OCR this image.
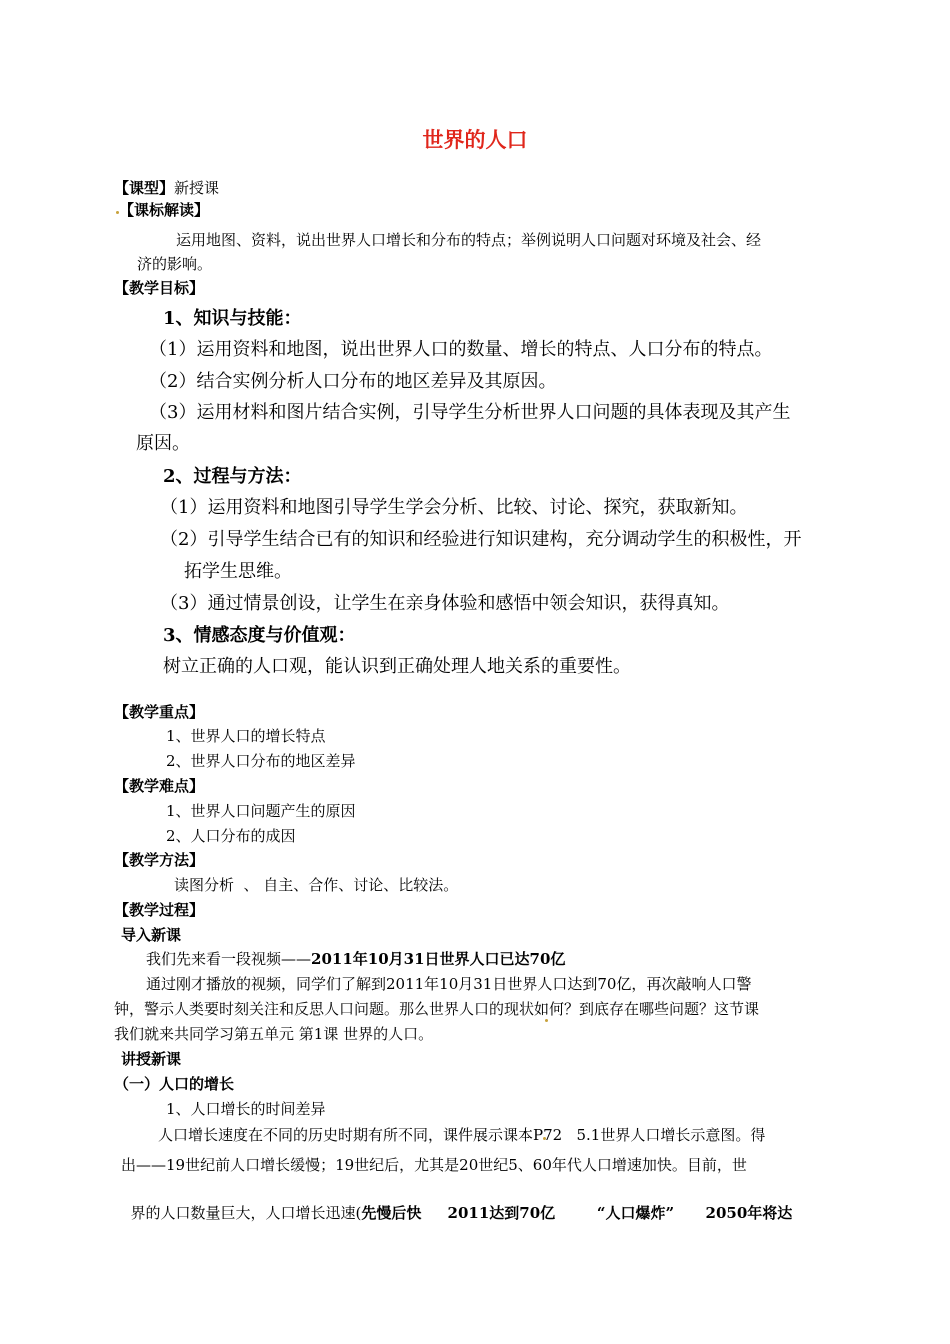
世界的人口
【课型】新授课
【课标解读】
运用地图、资料，说出世界人口增长和分布的特点；举例说明人口问题对环境及社会、经
济的影响。
【教学目标】
1、知识与技能：
（1）运用资料和地图，说出世界人口的数量、增长的特点、人口分布的特点。
（2）结合实例分析人口分布的地区差异及其原因。
（3）运用材料和图片结合实例，引导学生分析世界人口问题的具体表现及其产生
原因。
2、过程与方法：
（1）运用资料和地图引导学生学会分析、比较、讨论、探究，获取新知。
（2）引导学生结合已有的知识和经验进行知识建构，充分调动学生的积极性，开
拓学生思维。
（3）通过情景创设，让学生在亲身体验和感悟中领会知识，获得真知。
3、情感态度与价值观：
树立正确的人口观，能认识到正确处理人地关系的重要性。
【教学重点】
1、世界人口的增长特点
2、世界人口分布的地区差异
【教学难点】
1、世界人口问题产生的原因
2、人口分布的成因
【教学方法】
读图分析  、 自主、合作、讨论、比较法。
【教学过程】
导入新课
我们先来看一段视频——2011年10月31日世界人口已达70亿
通过刚才播放的视频，同学们了解到2011年10月31日世界人口达到70亿，再次敲响人口警
钟，警示人类要时刻关注和反思人口问题。那么世界人口的现状如何？到底存在哪些问题？这节课
我们就来共同学习第五单元 第1课 世界的人口。
讲授新课
（一）人口的增长
1、人口增长的时间差异
人口增长速度在不同的历史时期有所不同，课件展示课本P72   5.1世界人口增长示意图。得
出——19世纪前人口增长缓慢；19世纪后，尤其是20世纪5、60年代人口增速加快。目前，世

界的人口数量巨大，人口增长迅速(先慢后快     2011达到70亿        “人口爆炸”      2050年将达
